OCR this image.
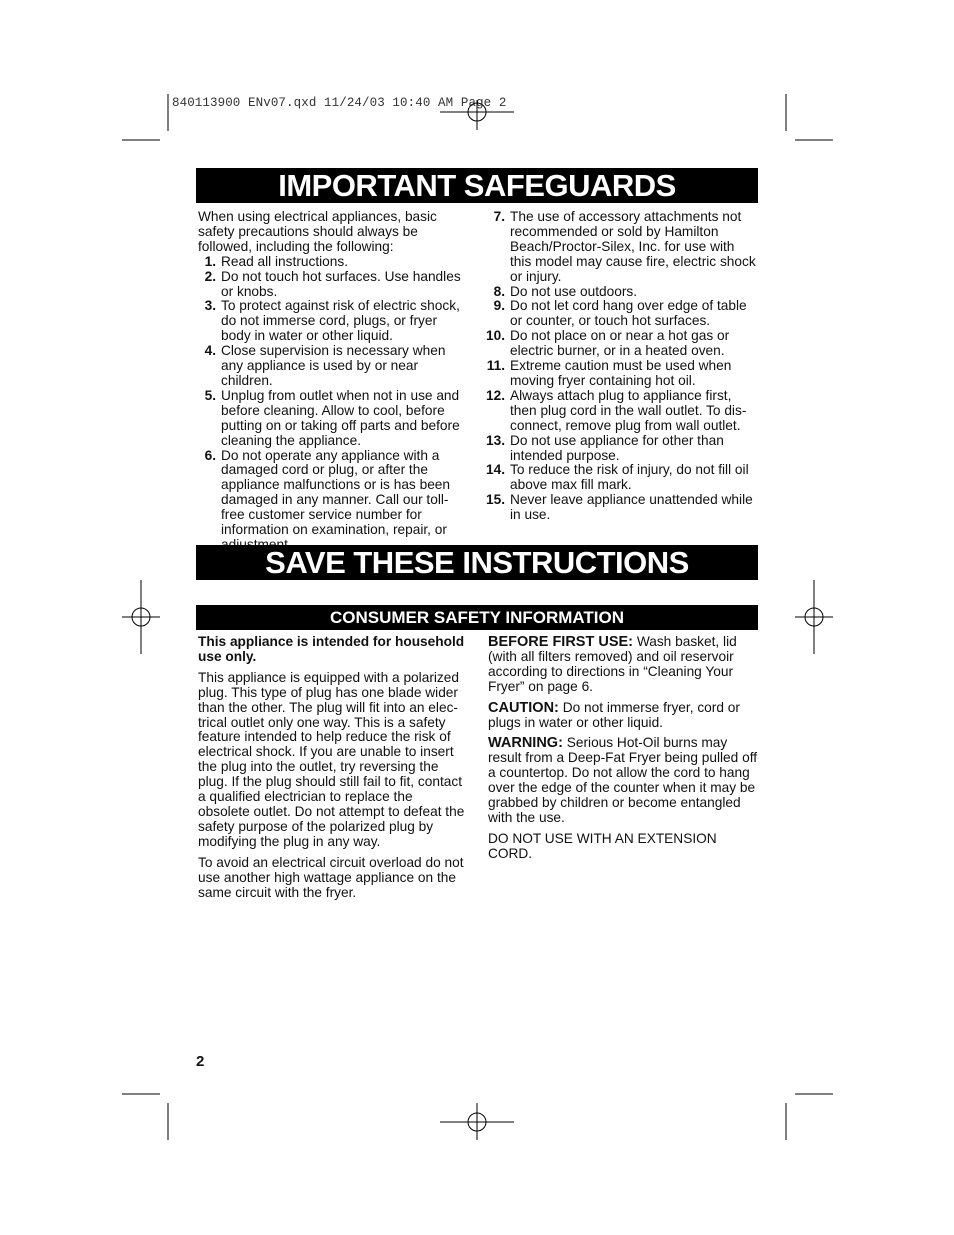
840113900 ENv07.qxd 11/24/03 10:40 AM Page 2
IMPORTANT SAFEGUARDS

When using electrical appliances, basic safety precautions should always be followed, including the following:

1. Read all instructions.
2. Do not touch hot surfaces. Use handles or knobs.
3. To protect against risk of electric shock, do not immerse cord, plugs, or fryer body in water or other liquid.
4. Close supervision is necessary when any appliance is used by or near children.
5. Unplug from outlet when not in use and before cleaning. Allow to cool, before putting on or taking off parts and before cleaning the appliance.
6. Do not operate any appliance with a damaged cord or plug, or after the appliance malfunctions or is has been damaged in any manner. Call our toll-free customer service number for information on examination, repair, or
7. The use of accessory attachments not recommended or sold by Hamilton Beach/Proctor-Silex, Inc. for use with this model may cause fire, electric shock or injury.
8. Do not use outdoors.
9. Do not let cord hang over edge of table or counter, or touch hot surfaces.
10. Do not place on or near a hot gas or electric burner, or in a heated oven.
11. Extreme caution must be used when moving fryer containing hot oil.
12. Always attach plug to appliance first, then plug cord in the wall outlet. To dis-connect, remove plug from wall outlet.
13. Do not use appliance for other than intended purpose.
14. To reduce the risk of injury, do not fill oil above max fill mark.
15. Never leave appliance unattended while in use.
SAVE THESE INSTRUCTIONS
CONSUMER SAFETY INFORMATION

This appliance is intended for household use only.

This appliance is equipped with a polarized plug. This type of plug has one blade wider than the other. The plug will fit into an elec-trical outlet only one way. This is a safety feature intended to help reduce the risk of electrical shock. If you are unable to insert the plug into the outlet, try reversing the plug. If the plug should still fail to fit, contact a qualified electrician to replace the obsolete outlet. Do not attempt to defeat the safety purpose of the polarized plug by modifying the plug in any way.

To avoid an electrical circuit overload do not use another high wattage appliance on the same circuit with the fryer.

BEFORE FIRST USE: Wash basket, lid (with all filters removed) and oil reservoir according to directions in “Cleaning Your Fryer” on page 6.

CAUTION: Do not immerse fryer, cord or plugs in water or other liquid.

WARNING: Serious Hot-Oil burns may result from a Deep-Fat Fryer being pulled off a countertop. Do not allow the cord to hang over the edge of the counter when it may be grabbed by children or become entangled with the use.

DO NOT USE WITH AN EXTENSION CORD.

2
